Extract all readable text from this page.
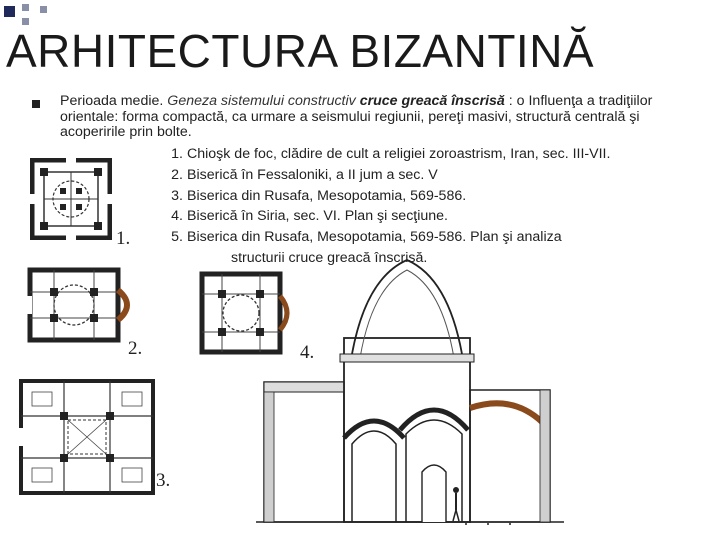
ARHITECTURA BIZANTINĂ
Perioada medie. Geneza sistemului constructiv cruce greacă înscrisă : o Influenţa a tradiţiilor orientale: forma compactă, ca urmare a seismului regiunii, pereţi masivi, structură centrală şi acoperirile prin bolte.
1. Chioşk de foc, clădire de cult a religiei zoroastrism, Iran, sec. III-VII.
2. Biserică în Fessaloniki, a II jum a sec. V
3. Biserica din Rusafa, Mesopotamia, 569-586.
4. Biserică în Siria, sec. VI. Plan şi secţiune.
5. Biserica din Rusafa, Mesopotamia, 569-586. Plan şi analiza
structurii cruce greacă înscrisă.
1.
2.
3.
4.
